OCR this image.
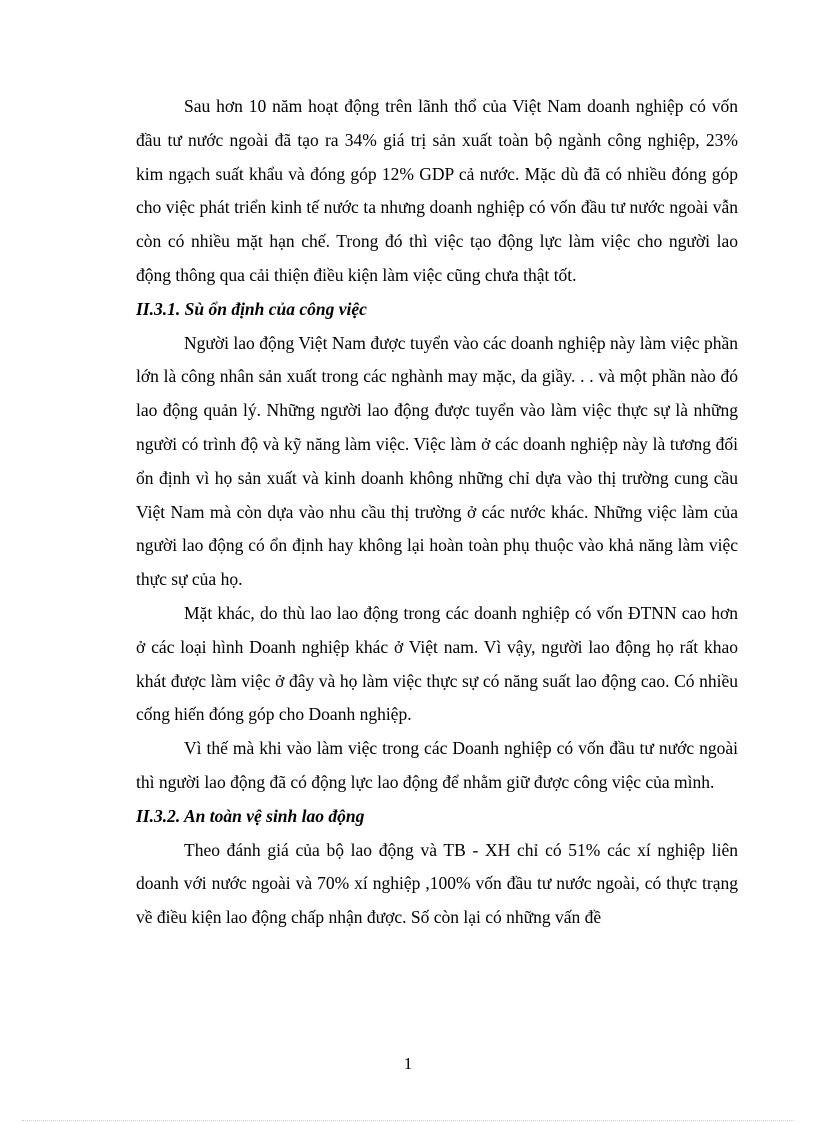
Sau hơn 10 năm hoạt động trên lãnh thổ của Việt Nam doanh nghiệp có vốn đầu tư nước ngoài đã tạo ra 34% giá trị sản xuất toàn bộ ngành công nghiệp, 23% kim ngạch suất khẩu và đóng góp 12% GDP cả nước. Mặc dù đã có nhiều đóng góp cho việc phát triển kinh tế nước ta nhưng doanh nghiệp có vốn đầu tư nước ngoài vẫn còn có nhiều mặt hạn chế. Trong đó thì việc tạo động lực làm việc cho người lao động thông qua cải thiện điều kiện làm việc cũng chưa thật tốt.

II.3.1. Sù ổn định của công việc

Người lao động Việt Nam được tuyển vào các doanh nghiệp này làm việc phần lớn là công nhân sản xuất trong các nghành may mặc, da giầy. . . và một phần nào đó lao động quản lý. Những người lao động được tuyển vào làm việc thực sự là những người có trình độ và kỹ năng làm việc. Việc làm ở các doanh nghiệp này là tương đối ổn định vì họ sản xuất và kinh doanh không những chỉ dựa vào thị trường cung cầu Việt Nam mà còn dựa vào nhu cầu thị trường ở các nước khác. Những việc làm của người lao động có ổn định hay không lại hoàn toàn phụ thuộc vào khả năng làm việc thực sự của họ.

Mặt khác, do thù lao lao động trong các doanh nghiệp có vốn ĐTNN cao hơn ở các loại hình Doanh nghiệp khác ở Việt nam. Vì vậy, người lao động họ rất khao khát được làm việc ở đây và họ làm việc thực sự có năng suất lao động cao. Có nhiều cống hiến đóng góp cho Doanh nghiệp.

Vì thế mà khi vào làm việc trong các Doanh nghiệp có vốn đầu tư nước ngoài thì người lao động đã có động lực lao động để nhằm giữ được công việc của mình.

II.3.2. An toàn vệ sinh lao động

Theo đánh giá của bộ lao động và TB - XH chỉ có 51% các xí nghiệp liên doanh với nước ngoài và 70% xí nghiệp ,100% vốn đầu tư nước ngoài, có thực trạng về điều kiện lao động chấp nhận được. Số còn lại có những vấn đề

1
